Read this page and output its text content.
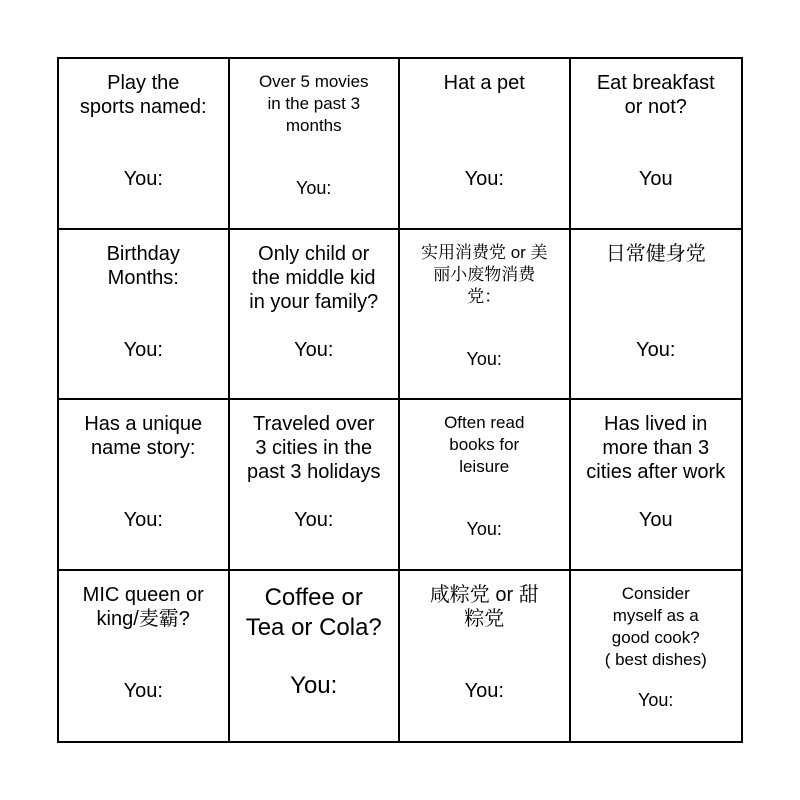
Play the
sports named:
You:
Over 5 movies
in the past 3
months
You:
Hat a pet
You:
Eat breakfast
or not?
You
Birthday
Months:
You:
Only child or
the middle kid
in your family?
You:
实用消费党 or 美
丽小废物消费
党：
You:
日常健身党
You:
Has a unique
name story:
You:
Traveled over
3 cities in the
past 3 holidays
You:
Often read
books for
leisure
You:
Has lived in
more than 3
cities after work
You
MIC queen or
king/麦霸?
You:
Coffee or
Tea or Cola?
You:
咸粽党 or 甜
粽党
You:
Consider
myself as a
good cook?
( best dishes)
You:
